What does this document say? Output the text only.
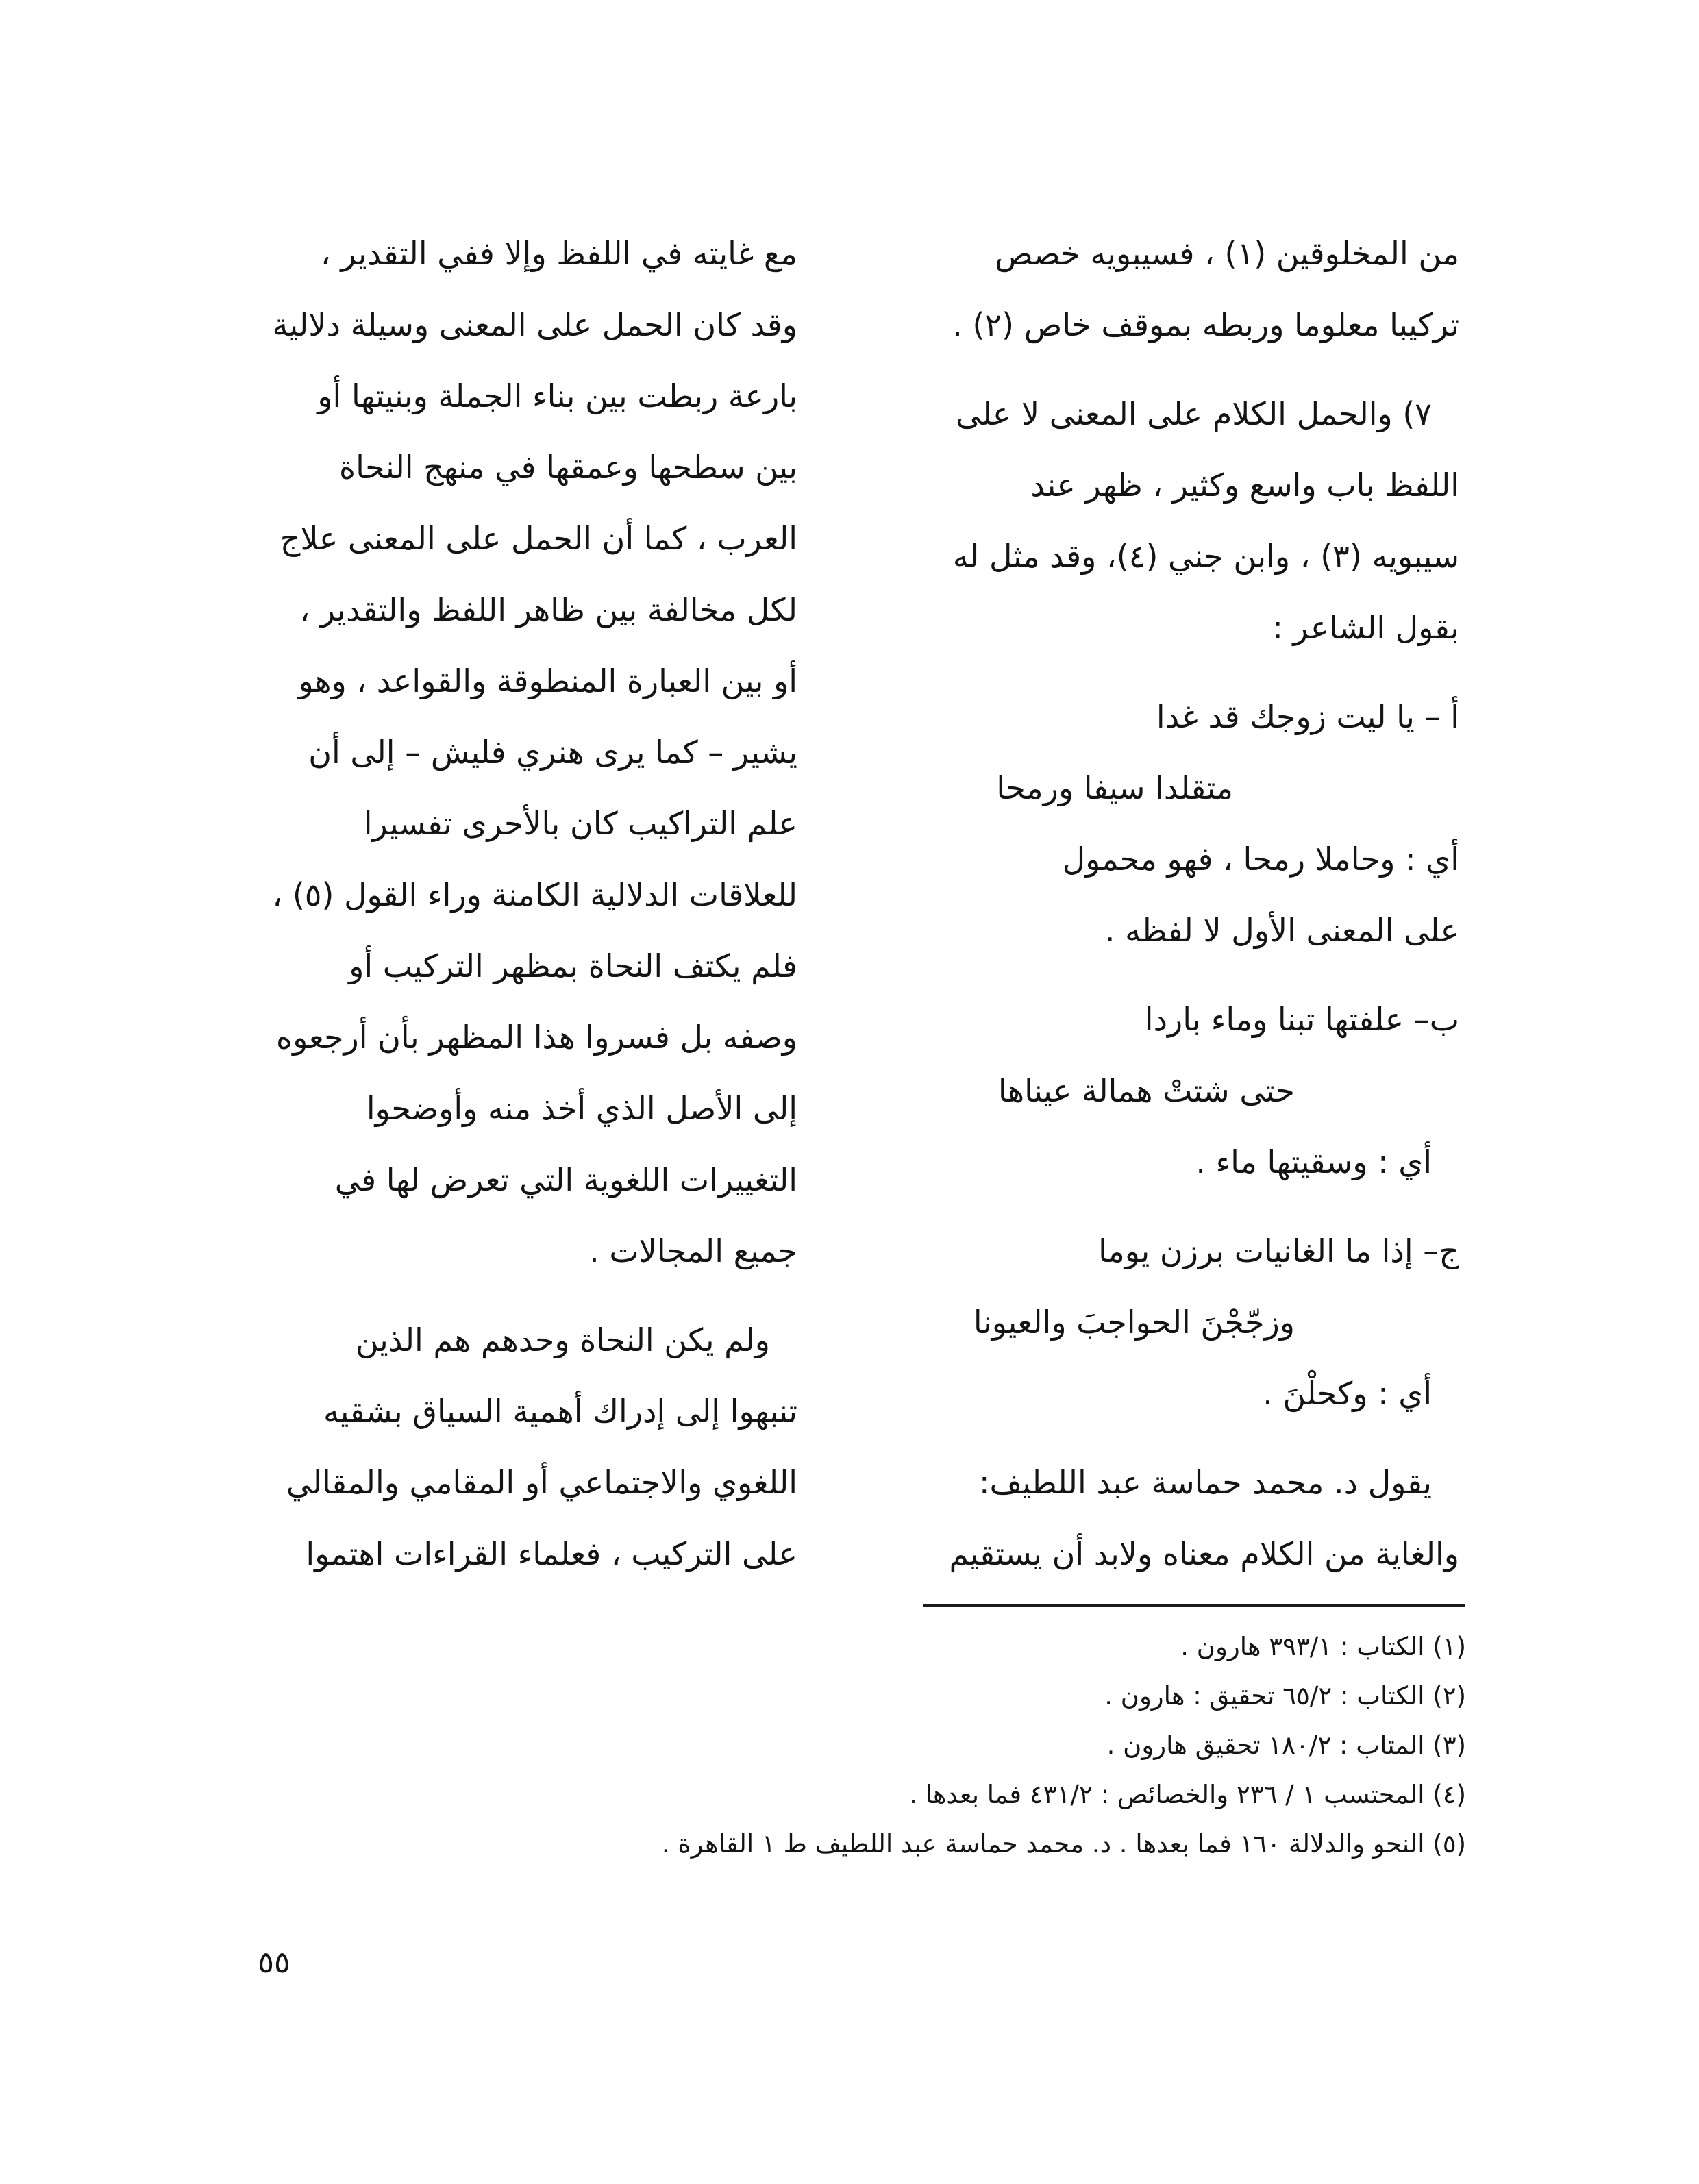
من المخلوقين (١) ، فسيبويه خصص
تركيبا معلوما وربطه بموقف خاص (٢) .
٧) والحمل الكلام على المعنى لا على
اللفظ باب واسع وكثير ، ظهر عند
سيبويه (٣) ، وابن جني (٤)، وقد مثل له
بقول الشاعر :
أ – يا ليت زوجك قد غدا
متقلدا سيفا ورمحا
أي : وحاملا رمحا ، فهو محمول
على المعنى الأول لا لفظه .
ب– علفتها تبنا وماء باردا
حتى شتتْ همالة عيناها
أي : وسقيتها ماء .
ج– إذا ما الغانيات برزن يوما
وزجّجْنَ الحواجبَ والعيونا
أي : وكحلْنَ .
يقول د. محمد حماسة عبد اللطيف:
والغاية من الكلام معناه ولابد أن يستقيم
مع غايته في اللفظ وإلا ففي التقدير ،
وقد كان الحمل على المعنى وسيلة دلالية
بارعة ربطت بين بناء الجملة وبنيتها أو
بين سطحها وعمقها في منهج النحاة
العرب ، كما أن الحمل على المعنى علاج
لكل مخالفة بين ظاهر اللفظ والتقدير ،
أو بين العبارة المنطوقة والقواعد ، وهو
يشير – كما يرى هنري فليش – إلى أن
علم التراكيب كان بالأحرى تفسيرا
للعلاقات الدلالية الكامنة وراء القول (٥) ،
فلم يكتف النحاة بمظهر التركيب أو
وصفه بل فسروا هذا المظهر بأن أرجعوه
إلى الأصل الذي أخذ منه وأوضحوا
التغييرات اللغوية التي تعرض لها في
جميع المجالات .
ولم يكن النحاة وحدهم هم الذين
تنبهوا إلى إدراك أهمية السياق بشقيه
اللغوي والاجتماعي أو المقامي والمقالي
على التركيب ، فعلماء القراءات اهتموا
(١) الكتاب : ٣٩٣/١ هارون .
(٢) الكتاب : ٦٥/٢ تحقيق : هارون .
(٣) المتاب : ١٨٠/٢ تحقيق هارون .
(٤) المحتسب ١ / ٢٣٦ والخصائص : ٤٣١/٢ فما بعدها .
(٥) النحو والدلالة ١٦٠ فما بعدها . د. محمد حماسة عبد اللطيف ط ١ القاهرة .
٥٥
